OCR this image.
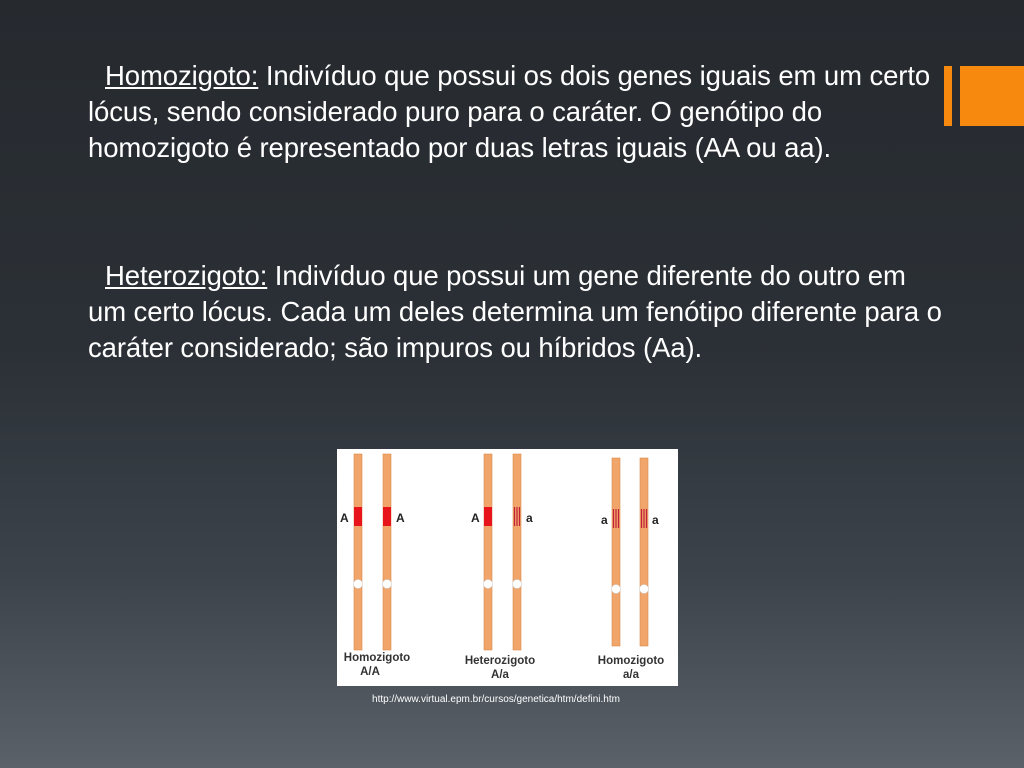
Homozigoto: Indivíduo que possui os dois genes iguais em um certo lócus, sendo considerado puro para o caráter. O genótipo do homozigoto é representado por duas letras iguais (AA ou aa).
Heterozigoto: Indivíduo que possui um gene diferente do outro em um certo lócus. Cada um deles determina um fenótipo diferente para o caráter considerado; são impuros ou híbridos (Aa).
A	A
Homozigoto
A/A
A	a
Heterozigoto
A/a
a	a
Homozigoto
a/a
http://www.virtual.epm.br/cursos/genetica/htm/defini.htm
